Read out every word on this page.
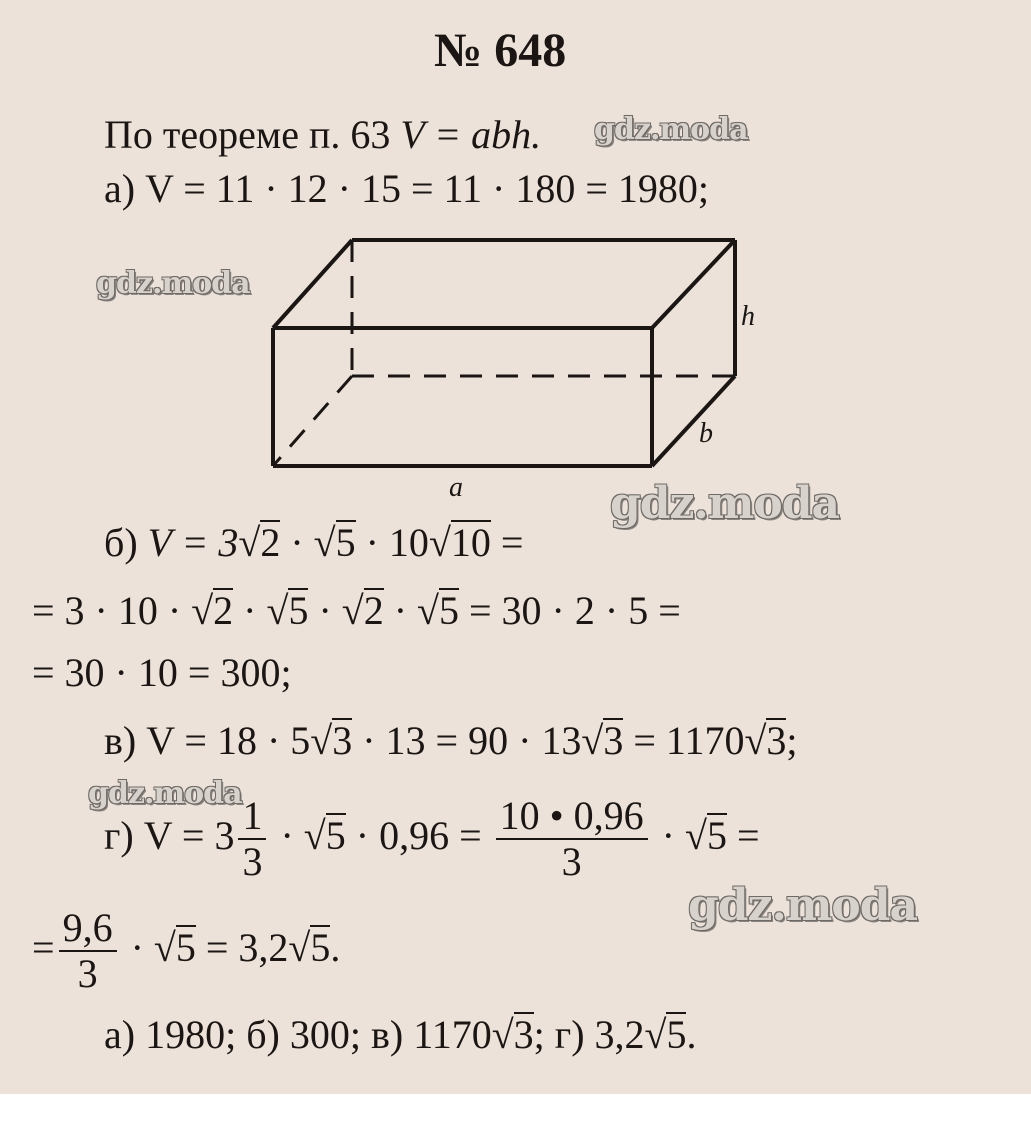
№ 648
По теореме п. 63 V = abh.
а) V = 11 · 12 · 15 = 11 · 180 = 1980;
a
b
h
б) V = 3√2 · √5 · 10√10 =
= 3 · 10 · √2 · √5 · √2 · √5 = 30 · 2 · 5 =
= 30 · 10 = 300;
в) V = 18 · 5√3 · 13 = 90 · 13√3 = 1170√3;
г) $V = 3 \frac{1}{3} \cdot √5 \cdot 0,96 = \frac{10 • 0,96}{3} \cdot √5$ =
= $\frac{9,6}{3} \cdot √5 = 3,2√5$.
а) 1980; б) 300; в) 1170√3; г) 3,2√5.
gdz.moda
gdz.moda
gdz.moda
gdz.moda
gdz.moda
